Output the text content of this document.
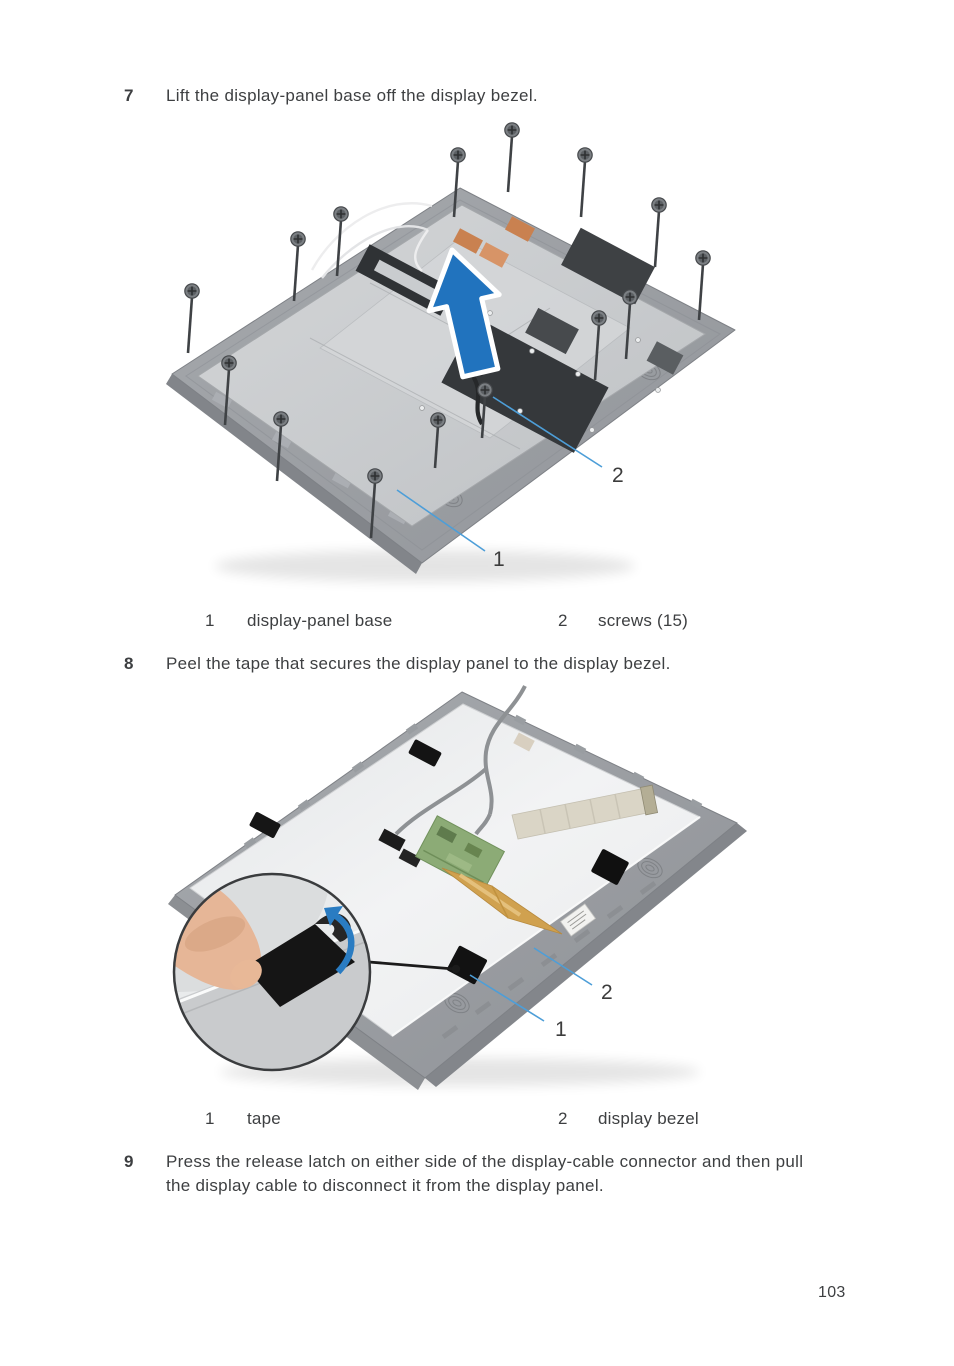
7	Lift the display-panel base off the display bezel.
1
2
1 display-panel base	2 screws (15)
8	Peel the tape that secures the display panel to the display bezel.
1
2
1 tape	2 display bezel
9	Press the release latch on either side of the display-cable connector and then pull the display cable to disconnect it from the display panel.
103
